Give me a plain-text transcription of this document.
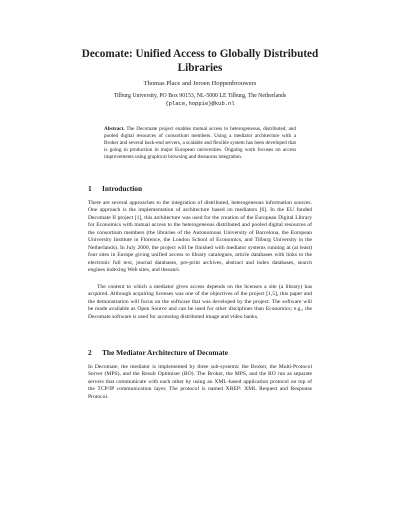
Decomate: Unified Access to Globally Distributed Libraries
Thomas Place and Jeroen Hoppenbrouwers
Tilburg University, PO Box 90153, NL-5000 LE Tilburg, The Netherlands
{place,hoppie}@kub.nl
Abstract. The Decomate project enables mutual access to heterogeneous, distributed, and pooled digital resources of consortium members. Using a mediator architecture with a Broker and several back-end servers, a scalable and flexible system has been developed that is going in production in major European universities. Ongoing work focuses on access improvements using graphical browsing and thesaurus integration.
1 Introduction
There are several approaches to the integration of distributed, heterogeneous information sources. One approach is the implementation of architecture based on mediators [6]. In the EU funded Decomate II project [1], this architecture was used for the creation of the European Digital Library for Economics with mutual access to the heterogeneous distributed and pooled digital resources of the consortium members (the libraries of the Autonomous University of Barcelona, the European University Institute in Florence, the London School of Economics, and Tilburg University in the Netherlands). In July 2000, the project will be finished with mediator systems running at (at least) four sites in Europe giving unified access to library catalogues, article databases with links to the electronic full text, journal databases, pre-print archives, abstract and index databases, search engines indexing Web sites, and thesauri.
The content to which a mediator gives access depends on the licenses a site (a library) has acquired. Although acquiring licenses was one of the objectives of the project [1,5], this paper and the demonstration will focus on the software that was developed by the project. The software will be made available as Open Source and can be used for other disciplines than Economics; e.g., the Decomate software is used for accessing distributed image and video banks.
2 The Mediator Architecture of Decomate
In Decomate, the mediator is implemented by three sub-systems: the Broker, the Multi-Protocol Server (MPS), and the Result Optimiser (RO). The Broker, the MPS, and the RO run as separate servers that communicate with each other by using an XML-based application protocol on top of the TCP/IP communication layer. The protocol is named XREP: XML Request and Response Protocol.
